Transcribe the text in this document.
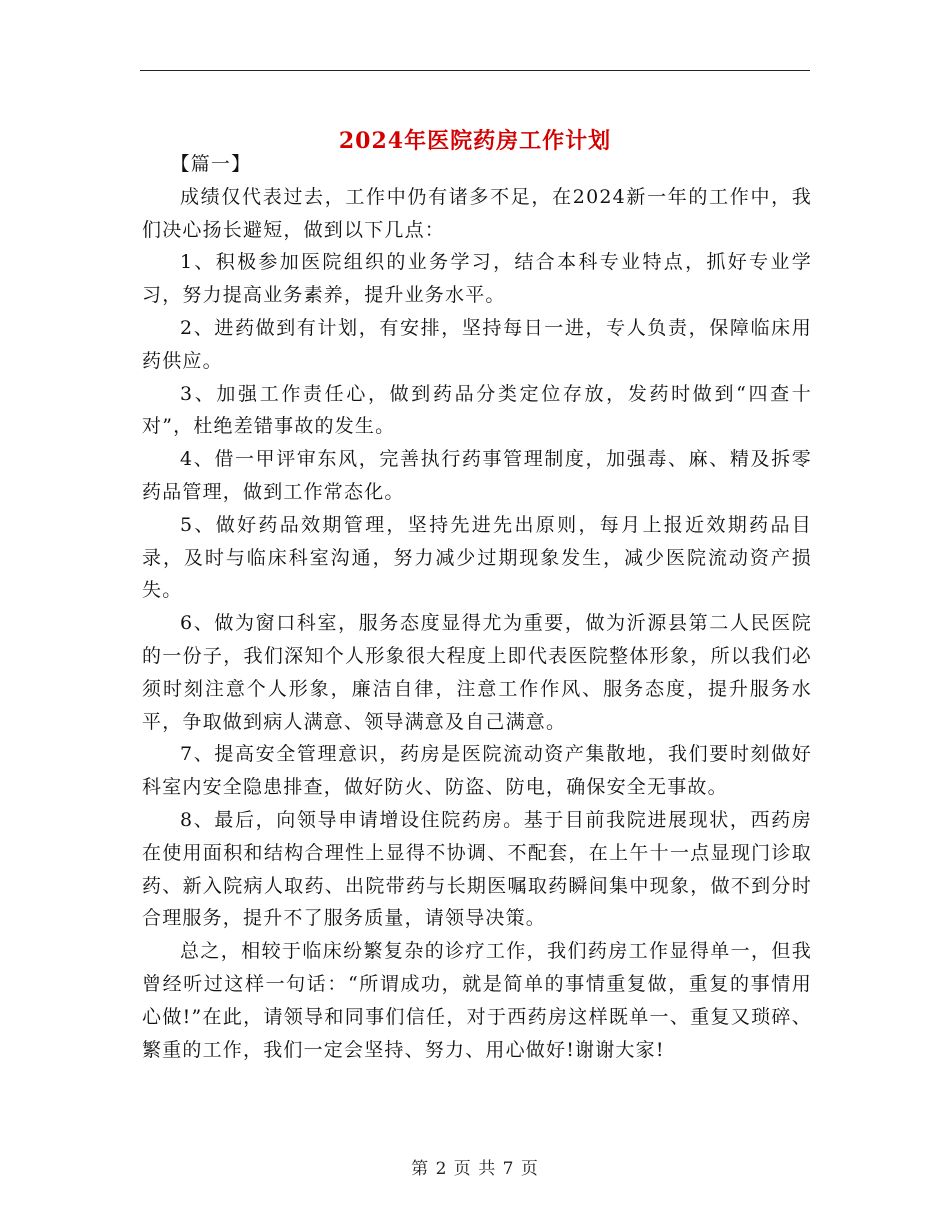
2024年医院药房工作计划

【篇一】

成绩仅代表过去，工作中仍有诸多不足，在2024新一年的工作中，我们决心扬长避短，做到以下几点：

1、积极参加医院组织的业务学习，结合本科专业特点，抓好专业学习，努力提高业务素养，提升业务水平。

2、进药做到有计划，有安排，坚持每日一进，专人负责，保障临床用药供应。

3、加强工作责任心，做到药品分类定位存放，发药时做到“四查十对”，杜绝差错事故的发生。

4、借一甲评审东风，完善执行药事管理制度，加强毒、麻、精及拆零药品管理，做到工作常态化。

5、做好药品效期管理，坚持先进先出原则，每月上报近效期药品目录，及时与临床科室沟通，努力减少过期现象发生，减少医院流动资产损失。

6、做为窗口科室，服务态度显得尤为重要，做为沂源县第二人民医院的一份子，我们深知个人形象很大程度上即代表医院整体形象，所以我们必须时刻注意个人形象，廉洁自律，注意工作作风、服务态度，提升服务水平，争取做到病人满意、领导满意及自己满意。

7、提高安全管理意识，药房是医院流动资产集散地，我们要时刻做好科室内安全隐患排查，做好防火、防盗、防电，确保安全无事故。

8、最后，向领导申请增设住院药房。基于目前我院进展现状，西药房在使用面积和结构合理性上显得不协调、不配套，在上午十一点显现门诊取药、新入院病人取药、出院带药与长期医嘱取药瞬间集中现象，做不到分时合理服务，提升不了服务质量，请领导决策。

总之，相较于临床纷繁复杂的诊疗工作，我们药房工作显得单一，但我曾经听过这样一句话：“所谓成功，就是简单的事情重复做，重复的事情用心做!”在此，请领导和同事们信任，对于西药房这样既单一、重复又琐碎、繁重的工作，我们一定会坚持、努力、用心做好!谢谢大家!

第 2 页 共 7 页
